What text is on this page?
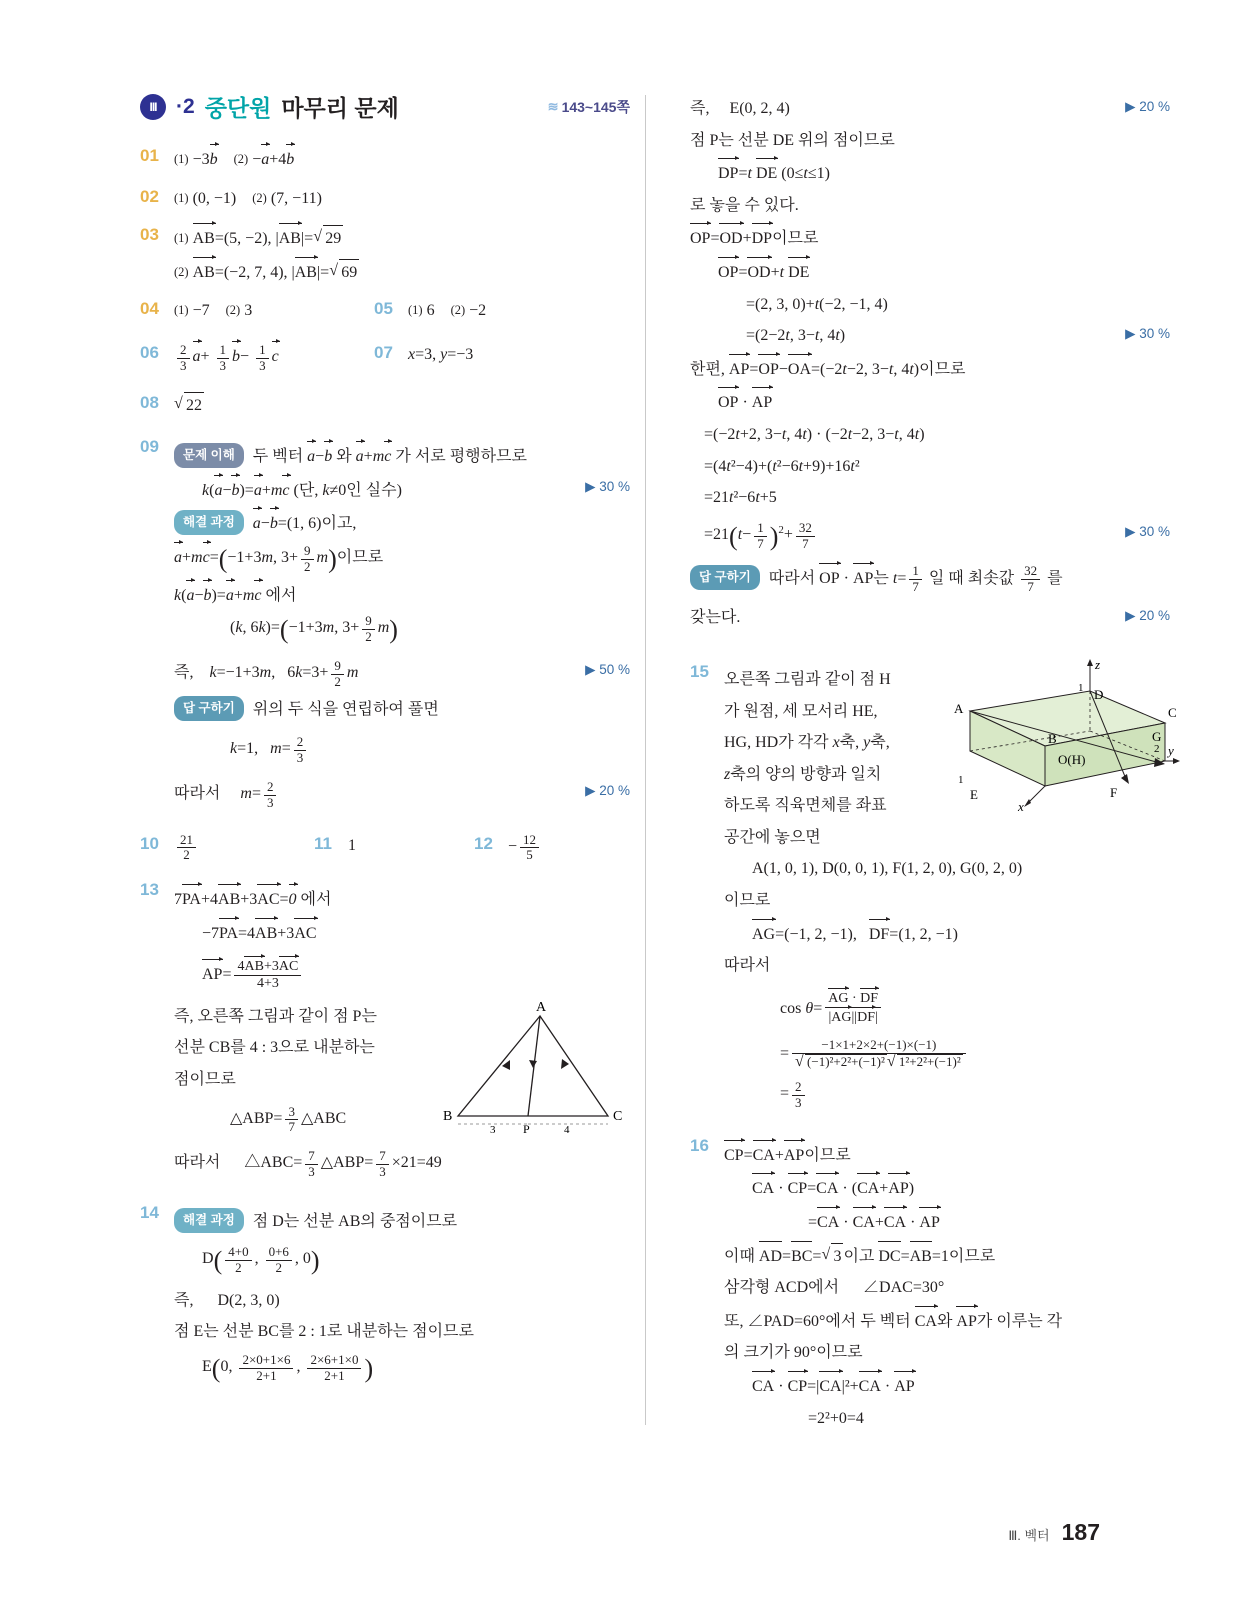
III ·2 중단원 마무리 문제	≋ 143~145쪽
01	(1) −3b (2) −a+4b
02	(1) (0, −1)    (2) (7, −11)
03	(1) AB=(5, −2), |AB|= √ 29
(2) AB=(−2, 7, 4), |AB|= √ 69
04	(1) −7    (2) 3	05	(1) 6    (2) −2
06	$\frac{2}{3} a+ \frac{1}{3} b- \frac{1}{3}$ c	07 x=3, y=−3
08	√ 22
09	문제 이해 두 벡터 a−b 와 a+mc 가 서로 평행하므로
▶ 30 %
k(a−b)=a+mc (단, k≠0인 실수)
해결 과정 a−b=(1, 6)이고,
a+mc=(−1+3m, $3+ \frac{9}{2} m$)이므로
k(a−b)=a+mc 에서
(k, 6k)=(−1+3m, $3+ \frac{9}{2} m$)
▶ 50 %
즉,    k=−1+3m,   $6k=3+ \frac{9}{2}$ m
답 구하기 위의 두 식을 연립하여 풀면
k=1,   $m= \frac{2}{3}$
▶ 20 %
따라서     $m= \frac{2}{3}$
10	$\frac{21}{2}$	11	1	$12 - \frac{12}{5}$
13
7PA+4AB+3AC=0 에서
−7PA=4AB+3AC
$AP= \frac{4AB+3AC}{4+3}$
A
B	C
P
3	4
즉, 오른쪽 그림과 같이 점 P는
선분 CB를 4 : 3으로 내분하는
점이므로
△ABP= $\frac{3}{7}$ △ABC
따라서      △ABC= $\frac{7}{3}$ △ABP= $\frac{7}{3} \times 21=49$
14	해결 과정 점 D는 선분 AB의 중점이므로
$D( \frac{4+0}{2}$ , $\frac{0+6}{2}$ , 0)
즉,      D(2, 3, 0)
점 E는 선분 BC를 2 : 1로 내분하는 점이므로
E(0, $\frac{2\times 0+1\times 6}{2+1}$ , $\frac{2\times 6+1\times 0}{2+1}$ )
▶ 20 %
즉,     E(0, 2, 4)
점 P는 선분 DE 위의 점이므로
DP=t DE (0≤t≤1)
로 놓을 수 있다.
OP=OD+DP이므로
OP=OD+t DE
=(2, 3, 0)+t(−2, −1, 4)
▶ 30 %
=(2−2t, 3−t, 4t)
한편, AP=OP−OA=(−2t−2, 3−t, 4t)이므로
OP · AP
=(−2t+2, 3−t, 4t) · (−2t−2, 3−t, 4t)
=(4t²−4)+(t²−6t+9)+16t²
=21t²−6t+5
▶ 30 %
$=21(t- \frac{1}{7} )^2+ \frac{32}{7}$
답 구하기 따라서 OP · AP는 $t= \frac{1}{7}$ 일 때 최솟값 $\frac{32}{7}$ 를
▶ 20 %
갖는다.
15	z
y
x
D
C
A
B	G
O(H)
E	F
1
1
2
오른쪽 그림과 같이 점 H
가 원점, 세 모서리 HE,
HG, HD가 각각 x축, y축,
z축의 양의 방향과 일치
하도록 직육면체를 좌표
공간에 놓으면
A(1, 0, 1), D(0, 0, 1), F(1, 2, 0), G(0, 2, 0)
이므로
AG=(−1, 2, −1),   DF=(1, 2, −1)
따라서
$\cos \theta= \frac{AG \cdot DF}{|AG||DF|}$
= −1×1+2×2+(−1)×(−1)
√ (−1)²+2²+(−1)² √ 1²+2²+(−1)²
= $\frac{2}{3}$
16
CP=CA+AP이므로
CA · CP=CA · (CA+AP)
=CA · CA+CA · AP
이때 AD=BC= √ 3 이고 DC=AB=1이므로
삼각형 ACD에서      ∠DAC=30°
또, ∠PAD=60°에서 두 벡터 CA와 AP가 이루는 각
의 크기가 90°이므로
CA · CP=|CA|²+CA · AP
=2²+0=4
Ⅲ. 벡터 187
